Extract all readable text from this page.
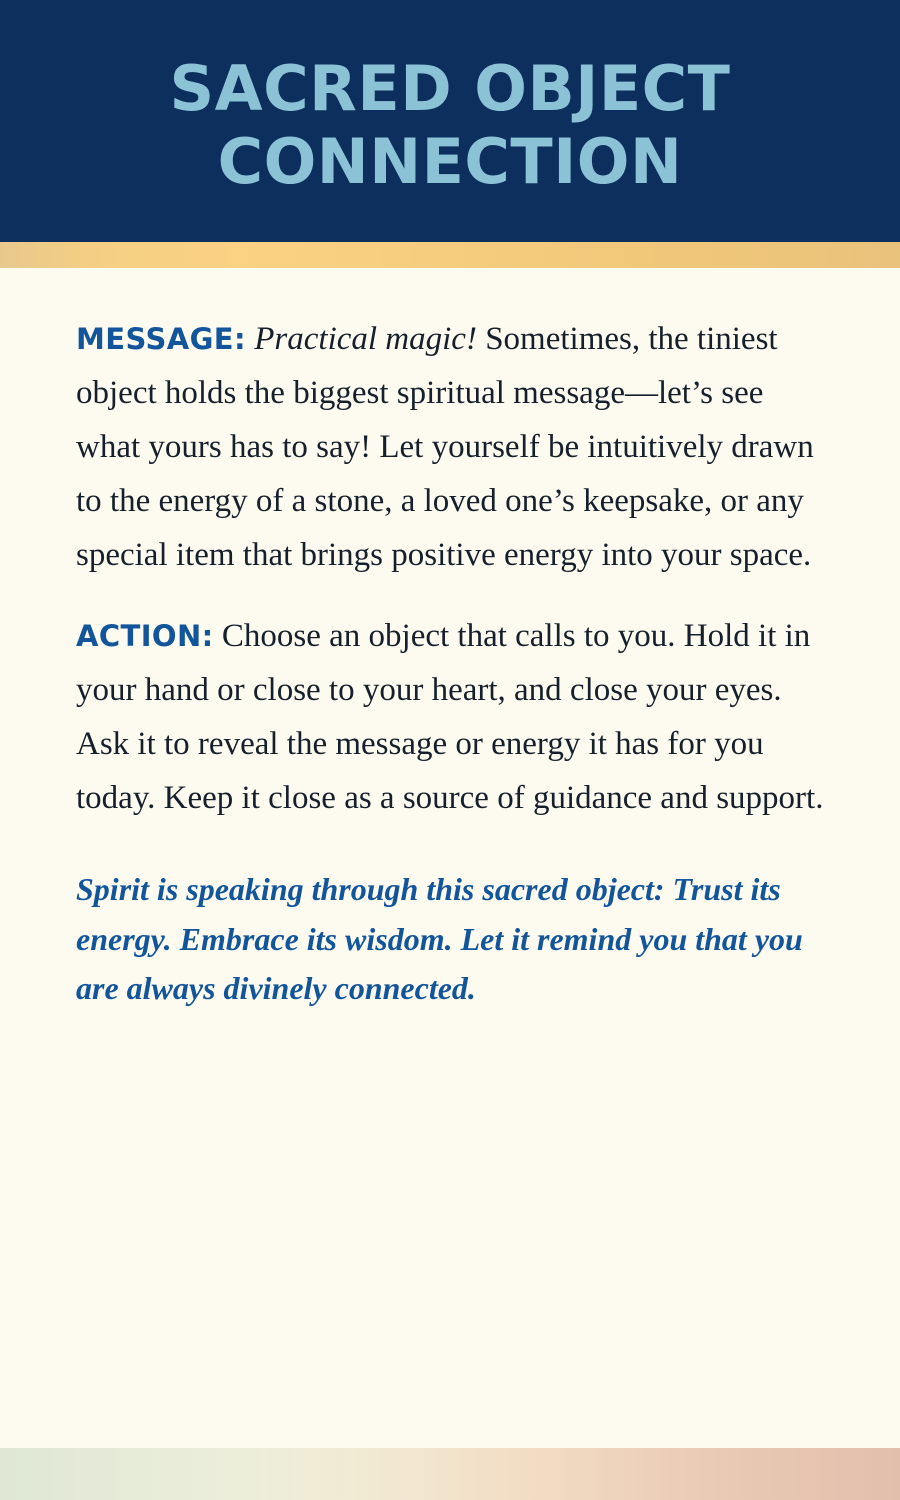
SACRED OBJECT CONNECTION

MESSAGE: Practical magic! Sometimes, the tiniest object holds the biggest spiritual message—let’s see what yours has to say! Let yourself be intuitively drawn to the energy of a stone, a loved one’s keepsake, or any special item that brings positive energy into your space.

ACTION: Choose an object that calls to you. Hold it in your hand or close to your heart, and close your eyes. Ask it to reveal the message or energy it has for you today. Keep it close as a source of guidance and support.

Spirit is speaking through this sacred object: Trust its energy. Embrace its wisdom. Let it remind you that you are always divinely connected.
